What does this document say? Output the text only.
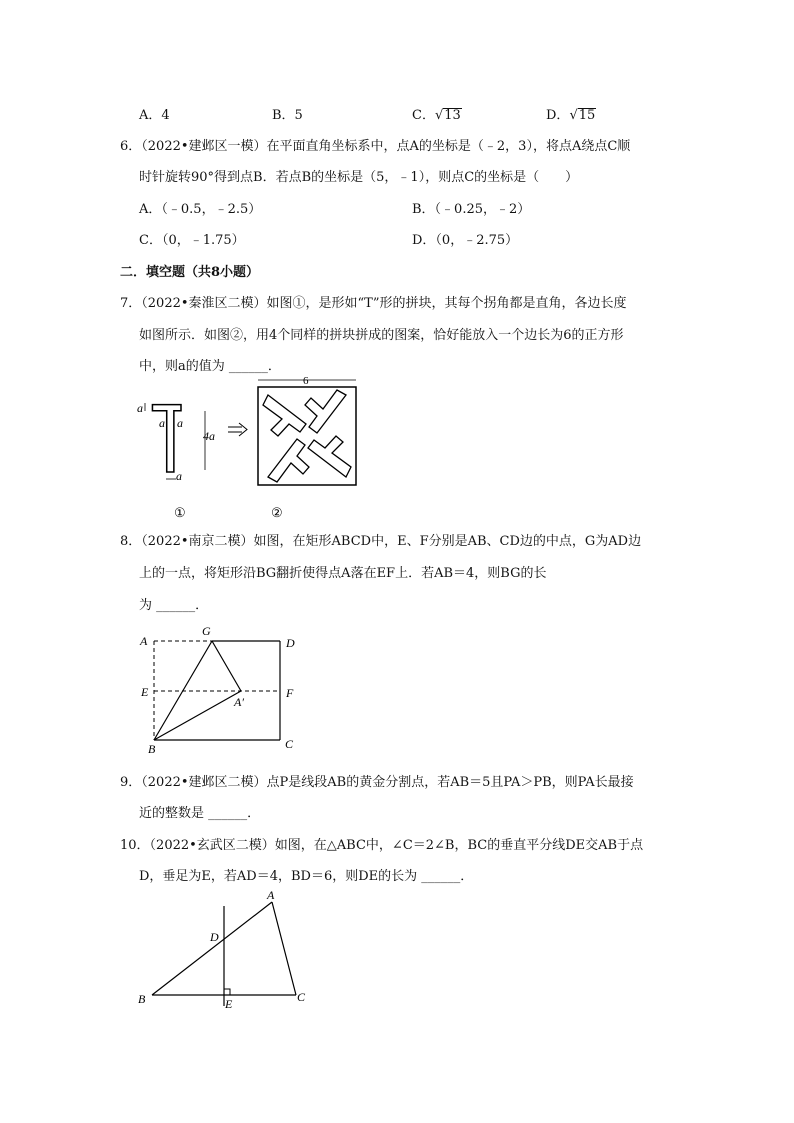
A．4	B．5	C．√13	D．√15
6．（2022•建邺区一模）在平面直角坐标系中，点A的坐标是（﹣2，3），将点A绕点C顺
时针旋转90°得到点B．若点B的坐标是（5，﹣1），则点C的坐标是（　　）
A．（﹣0.5，﹣2.5）	B．（﹣0.25，﹣2）
C．（0，﹣1.75）	D．（0，﹣2.75）
二．填空题（共8小题）
7．（2022•秦淮区二模）如图①，是形如“T”形的拼块，其每个拐角都是直角，各边长度
如图所示．如图②，用4个同样的拼块拼成的图案，恰好能放入一个边长为6的正方形
中，则a的值为 ______．
a
a a
4a
a
6
①	②
8．（2022•南京二模）如图，在矩形ABCD中，E、F分别是AB、CD边的中点，G为AD边
上的一点，将矩形沿BG翻折使得点A落在EF上．若AB＝4，则BG的长
为 ______．
A
G
D
E	F
A′
B	C
9．（2022•建邺区二模）点P是线段AB的黄金分割点，若AB＝5且PA＞PB，则PA长最接
近的整数是 ______．
10．（2022•玄武区二模）如图，在△ABC中，∠C＝2∠B，BC的垂直平分线DE交AB于点
D，垂足为E，若AD＝4，BD＝6，则DE的长为 ______．
A
D
B	E	C
